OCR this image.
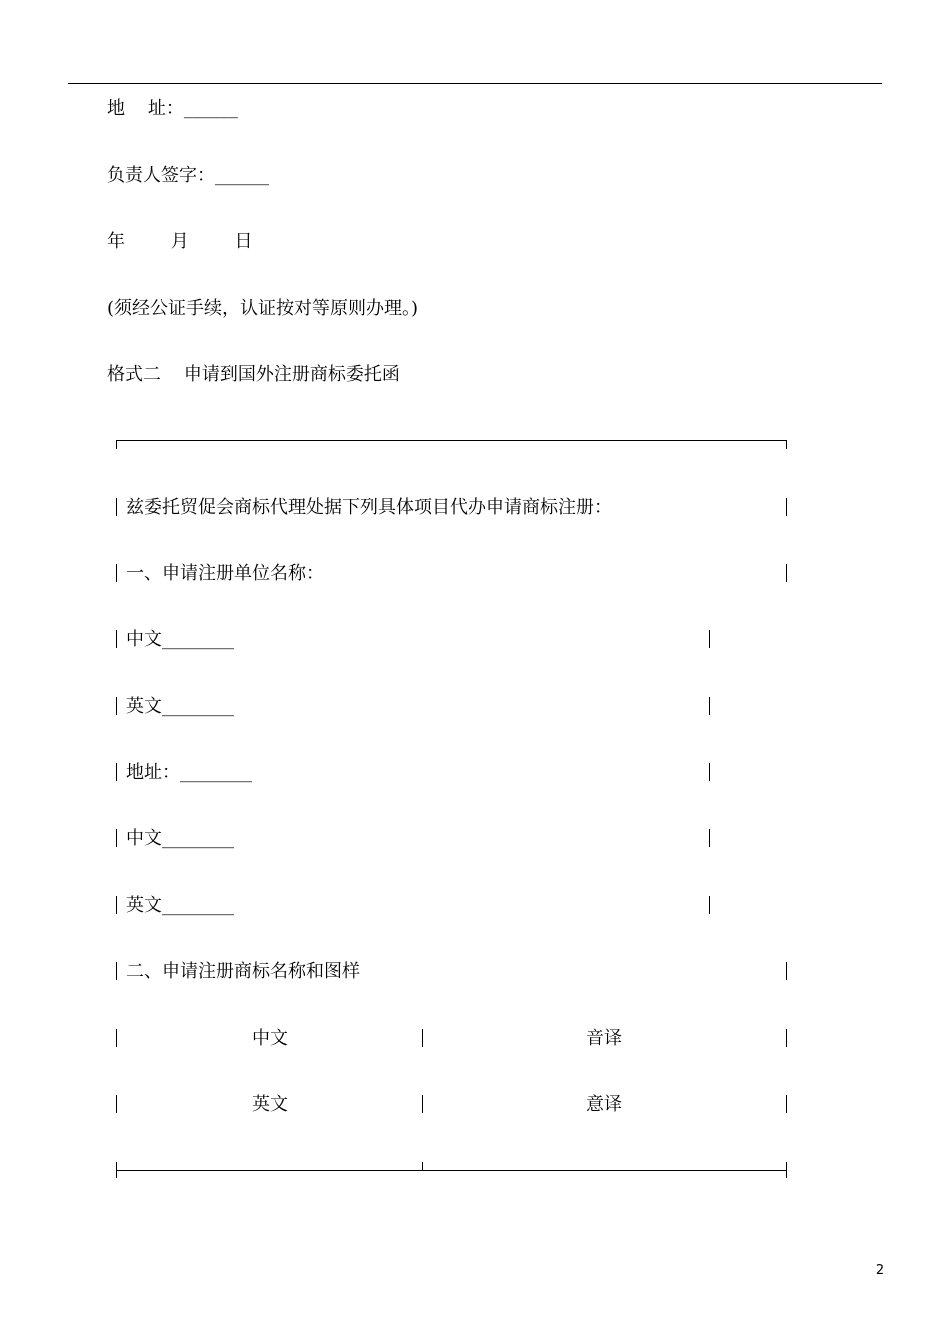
地    址：______
负责人签字：______
年        月        日
(须经公证手续，认证按对等原则办理。)
格式二    申请到国外注册商标委托函
兹委托贸促会商标代理处据下列具体项目代办申请商标注册：
一、申请注册单位名称：
中文________
英文________
地址：________
中文________
英文________
二、申请注册商标名称和图样
中文	音译
英文	意译
2
